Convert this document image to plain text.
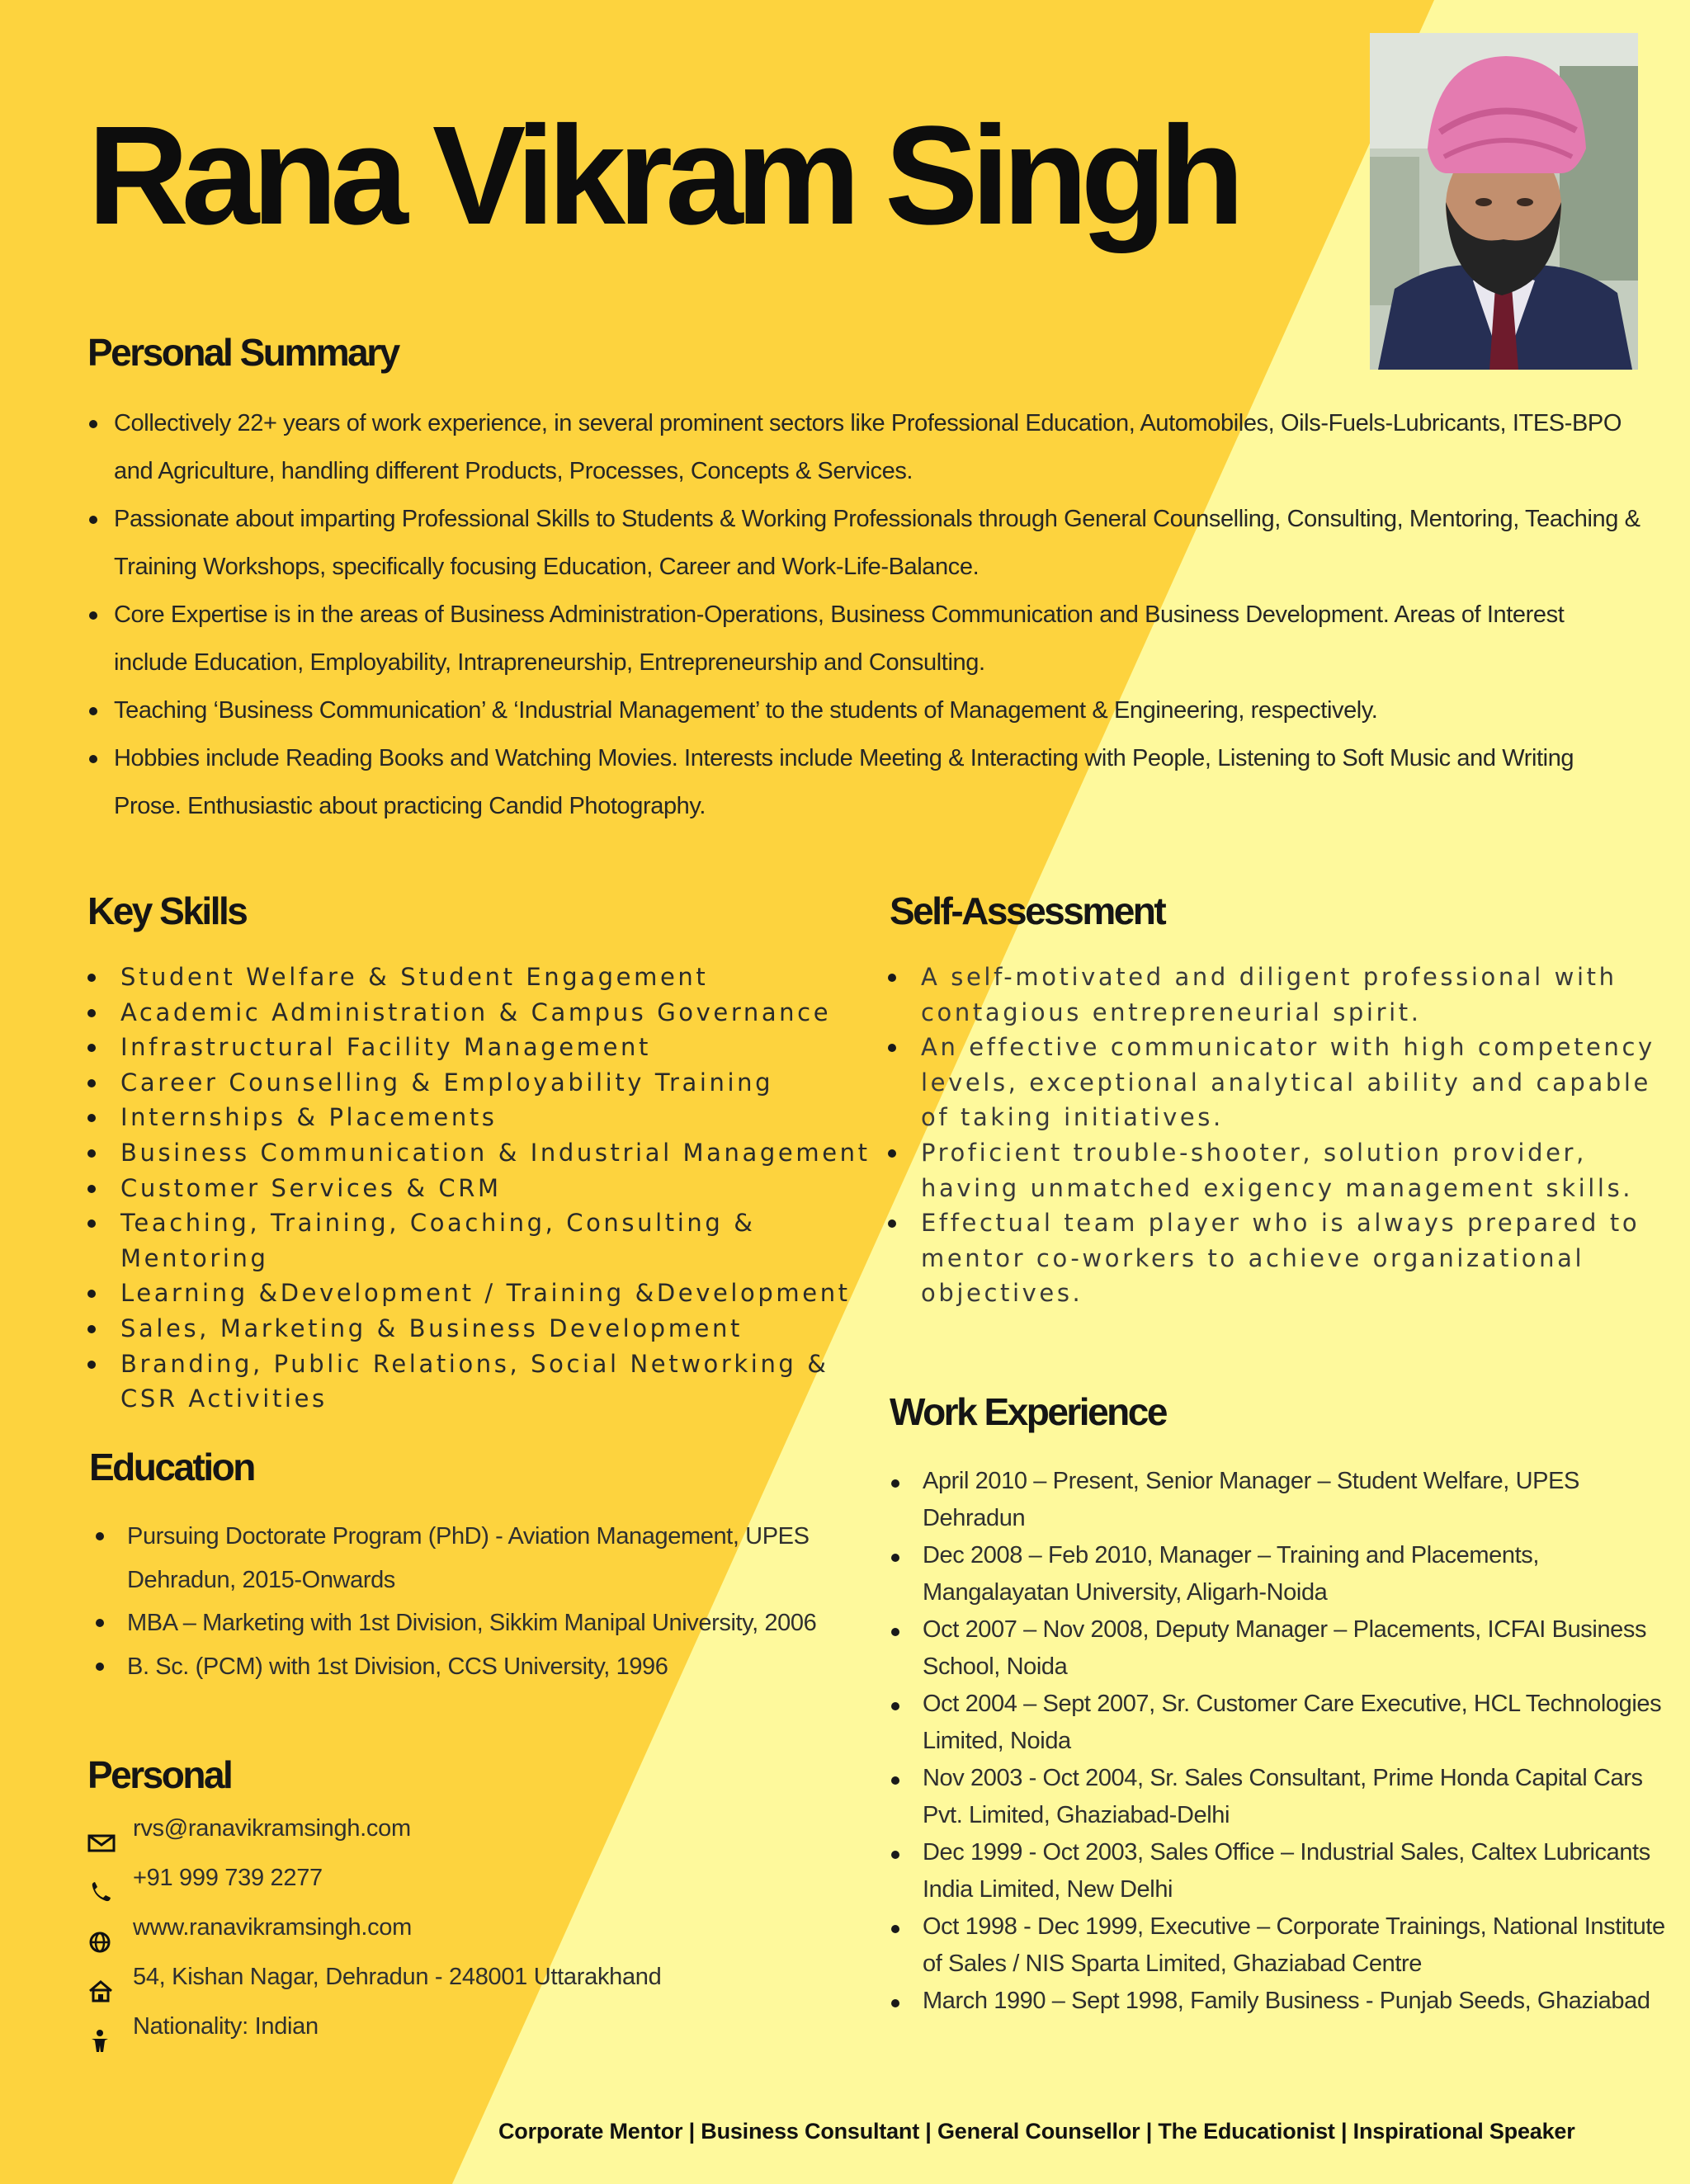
Rana Vikram Singh
Personal Summary
Collectively 22+ years of work experience, in several prominent sectors like Professional Education, Automobiles, Oils-Fuels-Lubricants, ITES-BPO and Agriculture, handling different Products, Processes, Concepts & Services.
Passionate about imparting Professional Skills to Students & Working Professionals through General Counselling, Consulting, Mentoring, Teaching & Training Workshops, specifically focusing Education, Career and Work-Life-Balance.
Core Expertise is in the areas of Business Administration-Operations, Business Communication and Business Development. Areas of Interest include Education, Employability, Intrapreneurship, Entrepreneurship and Consulting.
Teaching ‘Business Communication’ & ‘Industrial Management’ to the students of Management & Engineering, respectively.
Hobbies include Reading Books and Watching Movies. Interests include Meeting & Interacting with People, Listening to Soft Music and Writing Prose. Enthusiastic about practicing Candid Photography.
Key Skills
Student Welfare & Student Engagement
Academic Administration & Campus Governance
Infrastructural Facility Management
Career Counselling & Employability Training
Internships & Placements
Business Communication & Industrial Management
Customer Services & CRM
Teaching, Training, Coaching, Consulting & Mentoring
Learning &Development / Training &Development
Sales, Marketing & Business Development
Branding, Public Relations, Social Networking & CSR Activities
Self-Assessment
A self-motivated and diligent professional with contagious entrepreneurial spirit.
An effective communicator with high competency levels, exceptional analytical ability and capable of taking initiatives.
Proficient trouble-shooter, solution provider, having unmatched exigency management skills.
Effectual team player who is always prepared to mentor co-workers to achieve organizational objectives.
Education
Pursuing Doctorate Program (PhD) - Aviation Management, UPES Dehradun, 2015-Onwards
MBA – Marketing with 1st Division, Sikkim Manipal University, 2006
B. Sc. (PCM) with 1st Division, CCS University, 1996
Work Experience
April 2010 – Present, Senior Manager – Student Welfare, UPES Dehradun
Dec 2008 – Feb 2010, Manager – Training and Placements, Mangalayatan University, Aligarh-Noida
Oct 2007 – Nov 2008, Deputy Manager – Placements, ICFAI Business School, Noida
Oct 2004 – Sept 2007, Sr. Customer Care Executive, HCL Technologies Limited, Noida
Nov 2003 - Oct 2004, Sr. Sales Consultant, Prime Honda Capital Cars Pvt. Limited, Ghaziabad-Delhi
Dec 1999 - Oct 2003, Sales Office – Industrial Sales, Caltex Lubricants India Limited, New Delhi
Oct 1998 - Dec 1999, Executive – Corporate Trainings, National Institute of Sales / NIS Sparta Limited, Ghaziabad Centre
March 1990 – Sept 1998, Family Business - Punjab Seeds, Ghaziabad
Personal
rvs@ranavikramsingh.com
+91 999 739 2277
www.ranavikramsingh.com
54, Kishan Nagar, Dehradun - 248001 Uttarakhand
Nationality: Indian
Corporate Mentor | Business Consultant | General Counsellor | The Educationist | Inspirational Speaker
